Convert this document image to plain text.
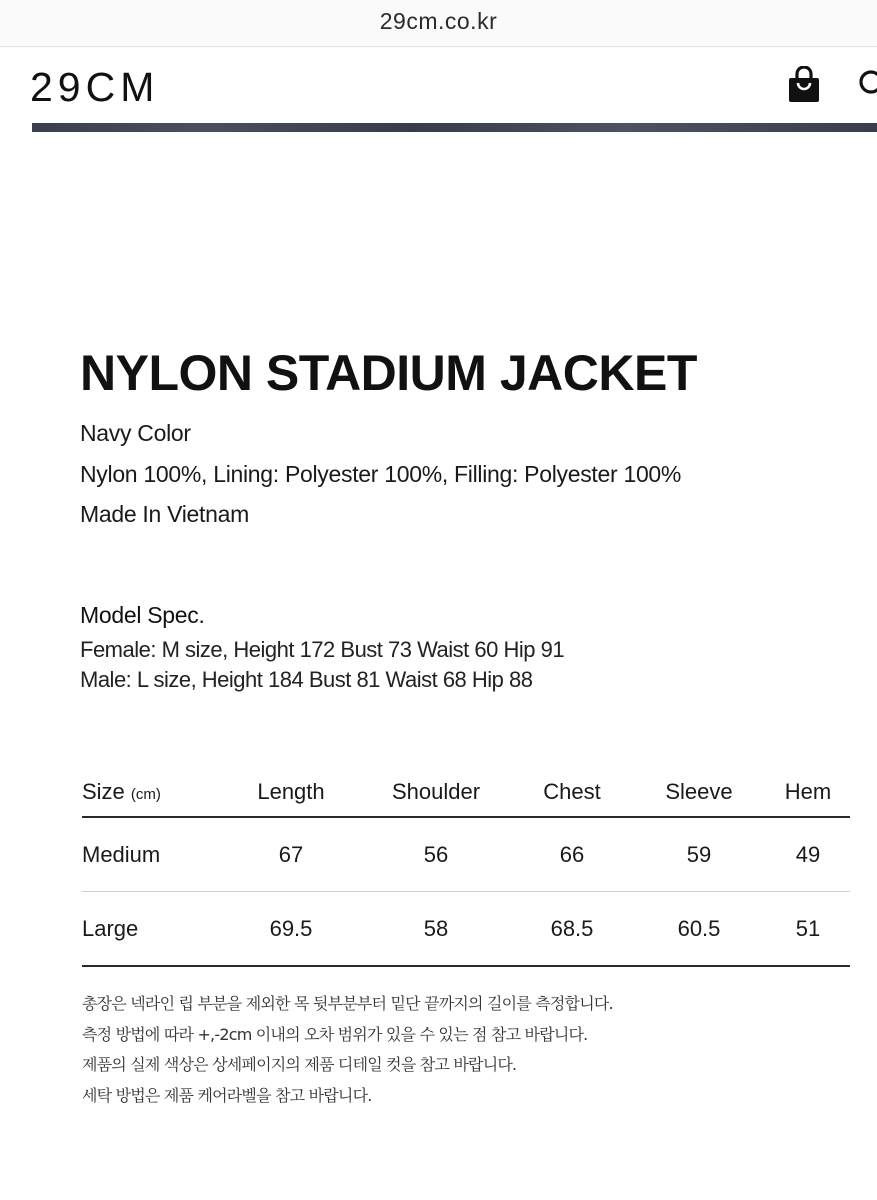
29cm.co.kr
29CM
NYLON STADIUM JACKET
Navy Color
Nylon 100%, Lining: Polyester 100%, Filling: Polyester 100%
Made In Vietnam
Model Spec.
Female: M size, Height 172 Bust 73 Waist 60 Hip 91
Male: L size, Height 184 Bust 81 Waist 68 Hip 88
Size (cm)	Length	Shoulder	Chest	Sleeve	Hem
Medium	67	56	66	59	49
Large	69.5	58	68.5	60.5	51
총장은 넥라인 립 부분을 제외한 목 뒷부분부터 밑단 끝까지의 길이를 측정합니다.
측정 방법에 따라 +,-2cm 이내의 오차 범위가 있을 수 있는 점 참고 바랍니다.
제품의 실제 색상은 상세페이지의 제품 디테일 컷을 참고 바랍니다.
세탁 방법은 제품 케어라벨을 참고 바랍니다.
